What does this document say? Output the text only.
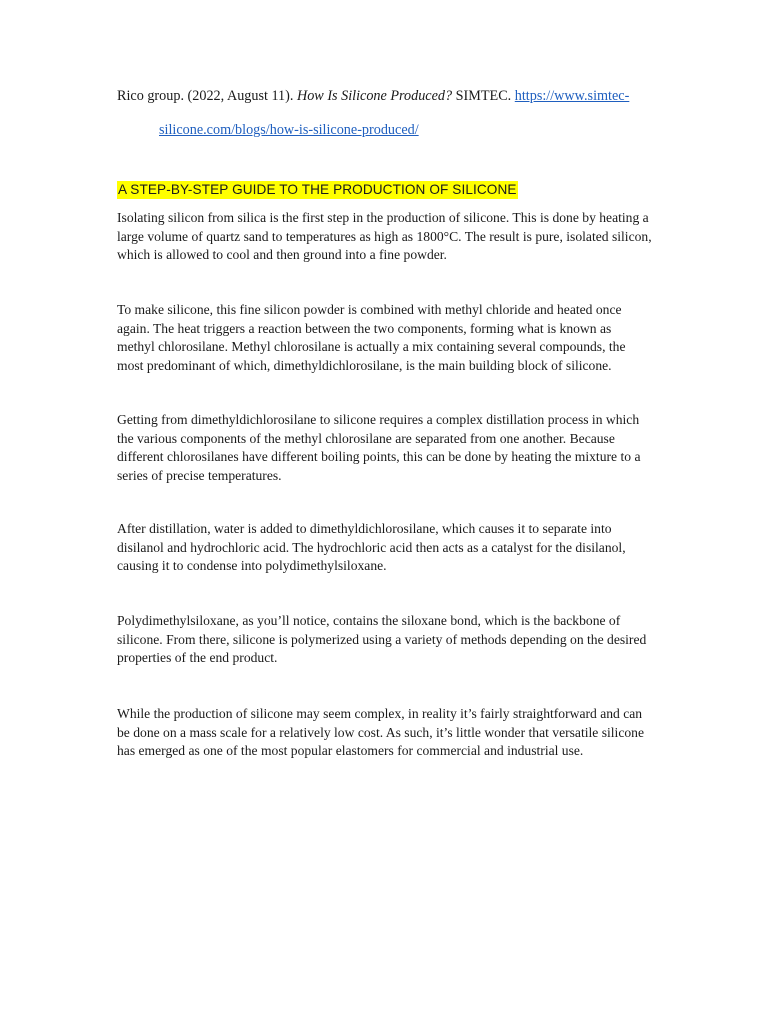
Rico group. (2022, August 11). How Is Silicone Produced? SIMTEC. https://www.simtec-
silicone.com/blogs/how-is-silicone-produced/
A STEP-BY-STEP GUIDE TO THE PRODUCTION OF SILICONE

Isolating silicon from silica is the first step in the production of silicone. This is done by heating a large volume of quartz sand to temperatures as high as 1800°C. The result is pure, isolated silicon, which is allowed to cool and then ground into a fine powder.

To make silicone, this fine silicon powder is combined with methyl chloride and heated once again. The heat triggers a reaction between the two components, forming what is known as methyl chlorosilane. Methyl chlorosilane is actually a mix containing several compounds, the most predominant of which, dimethyldichlorosilane, is the main building block of silicone.

Getting from dimethyldichlorosilane to silicone requires a complex distillation process in which the various components of the methyl chlorosilane are separated from one another. Because different chlorosilanes have different boiling points, this can be done by heating the mixture to a series of precise temperatures.

After distillation, water is added to dimethyldichlorosilane, which causes it to separate into disilanol and hydrochloric acid. The hydrochloric acid then acts as a catalyst for the disilanol, causing it to condense into polydimethylsiloxane.

Polydimethylsiloxane, as you’ll notice, contains the siloxane bond, which is the backbone of silicone. From there, silicone is polymerized using a variety of methods depending on the desired properties of the end product.

While the production of silicone may seem complex, in reality it’s fairly straightforward and can be done on a mass scale for a relatively low cost. As such, it’s little wonder that versatile silicone has emerged as one of the most popular elastomers for commercial and industrial use.
